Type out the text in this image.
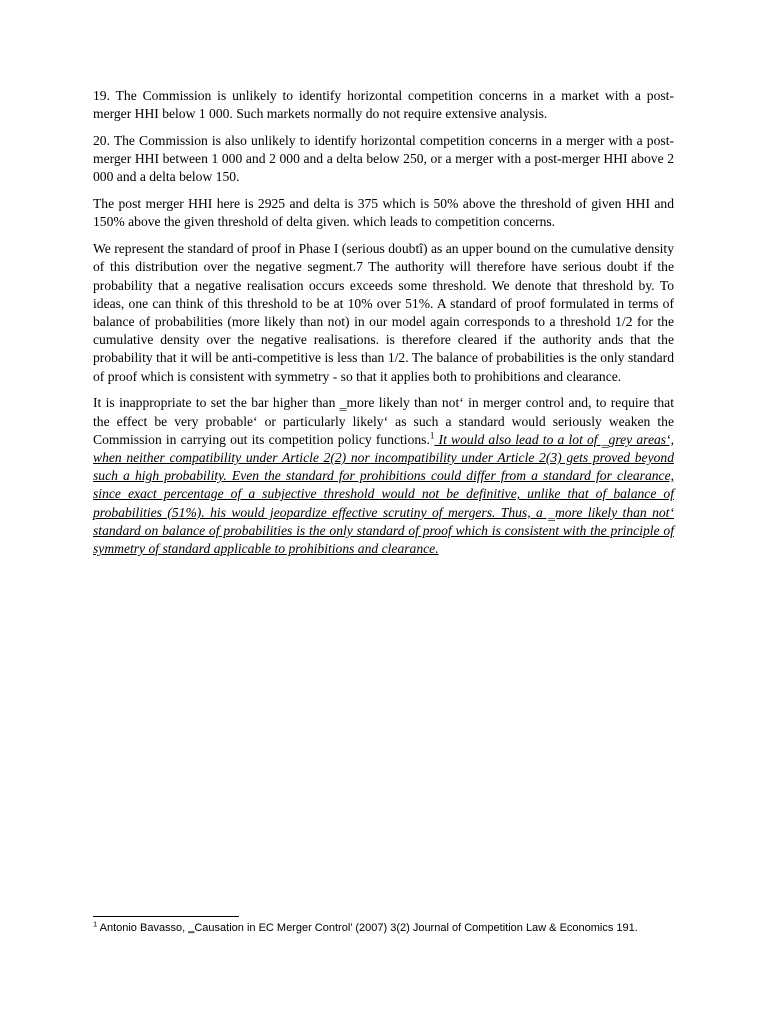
19. The Commission is unlikely to identify horizontal competition concerns in a market with a post-merger HHI below 1 000. Such markets normally do not require extensive analysis.

20. The Commission is also unlikely to identify horizontal competition concerns in a merger with a post-merger HHI between 1 000 and 2 000 and a delta below 250, or a merger with a post-merger HHI above 2 000 and a delta below 150.

The post merger HHI here is 2925 and delta is 375 which is 50% above the threshold of given HHI and 150% above the given threshold of delta given. which leads to competition concerns.

We represent the standard of proof in Phase I (serious doubtî) as an upper bound on the cumulative density of this distribution over the negative segment.7 The authority will therefore have serious doubt if the probability that a negative realisation occurs exceeds some threshold. We denote that threshold by. To ideas, one can think of this threshold to be at 10% over 51%. A standard of proof formulated in terms of balance of probabilities (more likely than not) in our model again corresponds to a threshold 1/2 for the cumulative density over the negative realisations. is therefore cleared if the authority ands that the probability that it will be anti-competitive is less than 1/2. The balance of probabilities is the only standard of proof which is consistent with symmetry - so that it applies both to prohibitions and clearance.

It is inappropriate to set the bar higher than ‗more likely than not‘ in merger control and, to require that the effect be very probable‘ or particularly likely‘ as such a standard would seriously weaken the Commission in carrying out its competition policy functions.$^1$ It would also lead to a lot of ‗grey areas‘, when neither compatibility under Article 2(2) nor incompatibility under Article 2(3) gets proved beyond such a high probability. Even the standard for prohibitions could differ from a standard for clearance, since exact percentage of a subjective threshold would not be definitive, unlike that of balance of probabilities (51%). his would jeopardize effective scrutiny of mergers. Thus, a ‗more likely than not‘ standard on balance of probabilities is the only standard of proof which is consistent with the principle of symmetry of standard applicable to prohibitions and clearance.

$^1$ Antonio Bavasso, ‗Causation in EC Merger Control’ (2007) 3(2) Journal of Competition Law & Economics 191.
